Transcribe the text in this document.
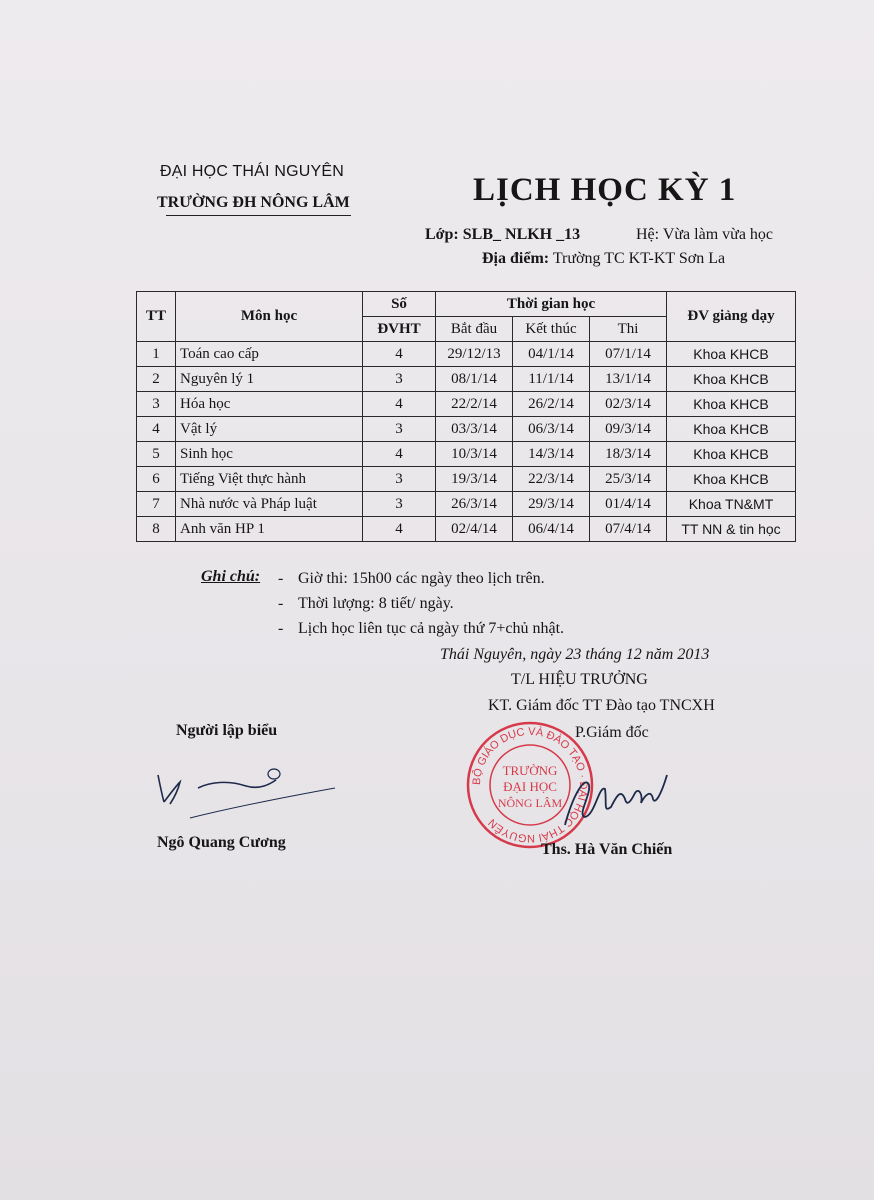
ĐẠI HỌC THÁI NGUYÊN
TRƯỜNG ĐH NÔNG LÂM	LỊCH HỌC KỲ 1
Lớp: SLB_ NLKH _13	Hệ: Vừa làm vừa học
Địa điểm: Trường TC KT-KT Sơn La
TT	Môn học	Số	Thời gian học			ĐV giảng dạy
		ĐVHT	Bắt đầu	Kết thúc	Thi	
1	Toán cao cấp	4	29/12/13	04/1/14	07/1/14	Khoa KHCB
2	Nguyên lý 1	3	08/1/14	11/1/14	13/1/14	Khoa KHCB
3	Hóa học	4	22/2/14	26/2/14	02/3/14	Khoa KHCB
4	Vật lý	3	03/3/14	06/3/14	09/3/14	Khoa KHCB
5	Sinh học	4	10/3/14	14/3/14	18/3/14	Khoa KHCB
6	Tiếng Việt thực hành	3	19/3/14	22/3/14	25/3/14	Khoa KHCB
7	Nhà nước và Pháp luật	3	26/3/14	29/3/14	01/4/14	Khoa TN&MT
8	Anh văn HP 1	4	02/4/14	06/4/14	07/4/14	TT NN & tin học
Ghi chú: - Giờ thi: 15h00 các ngày theo lịch trên.
- Thời lượng: 8 tiết/ ngày.
- Lịch học liên tục cả ngày thứ 7+chủ nhật.
Thái Nguyên, ngày 23 tháng 12 năm 2013
T/L HIỆU TRƯỞNG
KT. Giám đốc TT Đào tạo TNCXH
P.Giám đốc
Người lập biểu
Ngô Quang Cương
BỘ GIÁO DỤC VÀ ĐÀO TẠO · ĐẠI HỌC THÁI NGUYÊN
TRƯỜNG
ĐẠI HỌC
NÔNG LÂM
Ths. Hà Văn Chiến
